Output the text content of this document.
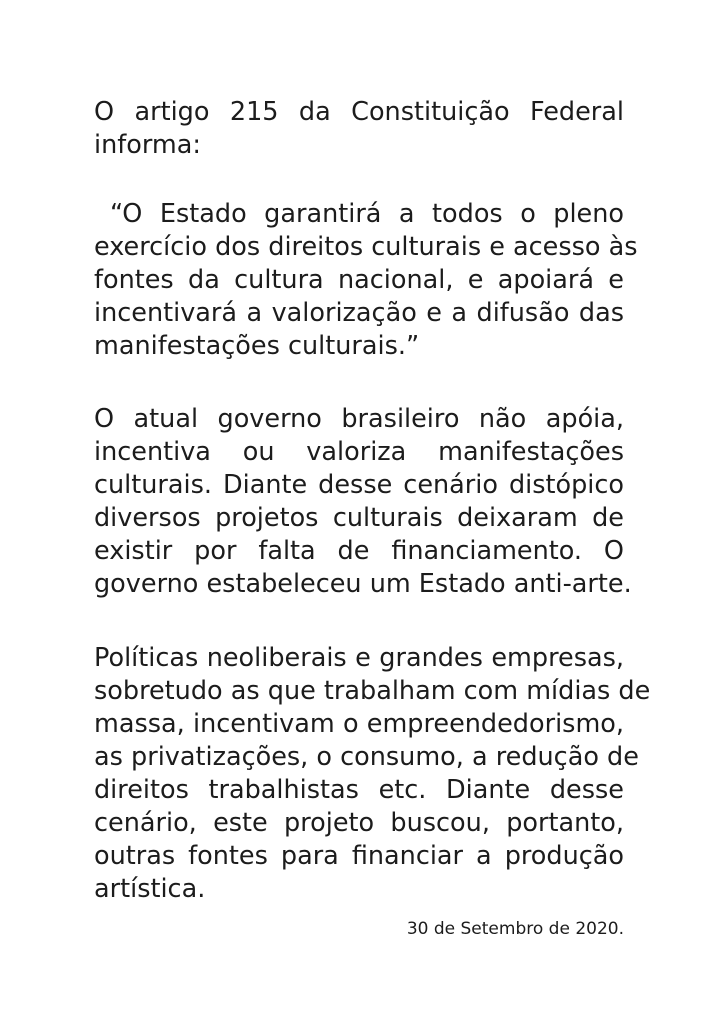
O artigo 215 da Constituição Federal
informa:

“O Estado garantirá a todos o pleno
exercício dos direitos culturais e acesso às
fontes da cultura nacional, e apoiará e
incentivará a valorização e a difusão das
manifestações culturais.”

O atual governo brasileiro não apóia,
incentiva ou valoriza manifestações
culturais. Diante desse cenário distópico
diversos projetos culturais deixaram de
existir por falta de financiamento. O
governo estabeleceu um Estado anti-arte.

Políticas neoliberais e grandes empresas,
sobretudo as que trabalham com mídias de
massa, incentivam o empreendedorismo,
as privatizações, o consumo, a redução de
direitos trabalhistas etc. Diante desse
cenário, este projeto buscou, portanto,
outras fontes para financiar a produção
artística.

30 de Setembro de 2020.
